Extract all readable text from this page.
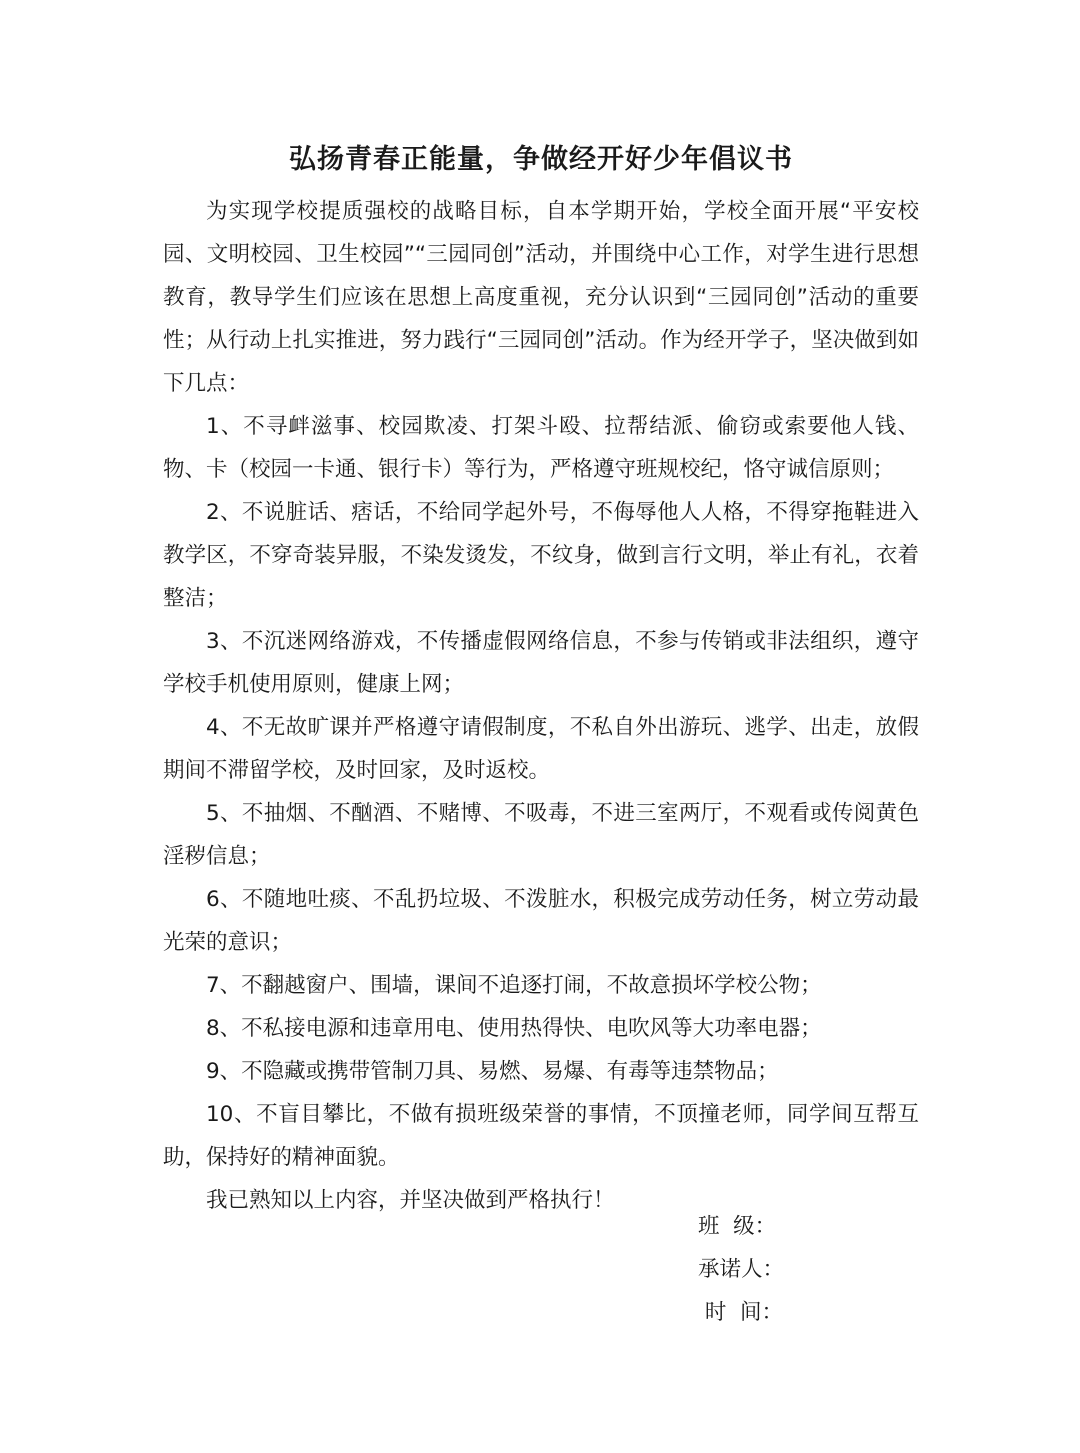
弘扬青春正能量，争做经开好少年倡议书

为实现学校提质强校的战略目标，自本学期开始，学校全面开展“平安校园、文明校园、卫生校园”“三园同创”活动，并围绕中心工作，对学生进行思想教育，教导学生们应该在思想上高度重视，充分认识到“三园同创”活动的重要性；从行动上扎实推进，努力践行“三园同创”活动。作为经开学子，坚决做到如下几点：

1、不寻衅滋事、校园欺凌、打架斗殴、拉帮结派、偷窃或索要他人钱、物、卡（校园一卡通、银行卡）等行为，严格遵守班规校纪，恪守诚信原则；

2、不说脏话、痞话，不给同学起外号，不侮辱他人人格，不得穿拖鞋进入教学区，不穿奇装异服，不染发烫发，不纹身，做到言行文明，举止有礼，衣着整洁；

3、不沉迷网络游戏，不传播虚假网络信息，不参与传销或非法组织，遵守学校手机使用原则，健康上网；

4、不无故旷课并严格遵守请假制度，不私自外出游玩、逃学、出走，放假期间不滞留学校，及时回家，及时返校。

5、不抽烟、不酗酒、不赌博、不吸毒，不进三室两厅，不观看或传阅黄色淫秽信息；

6、不随地吐痰、不乱扔垃圾、不泼脏水，积极完成劳动任务，树立劳动最光荣的意识；

7、不翻越窗户、围墙，课间不追逐打闹，不故意损坏学校公物；

8、不私接电源和违章用电、使用热得快、电吹风等大功率电器；

9、不隐藏或携带管制刀具、易燃、易爆、有毒等违禁物品；

10、不盲目攀比，不做有损班级荣誉的事情，不顶撞老师，同学间互帮互助，保持好的精神面貌。

我已熟知以上内容，并坚决做到严格执行！

班  级：

承诺人：

时  间：
